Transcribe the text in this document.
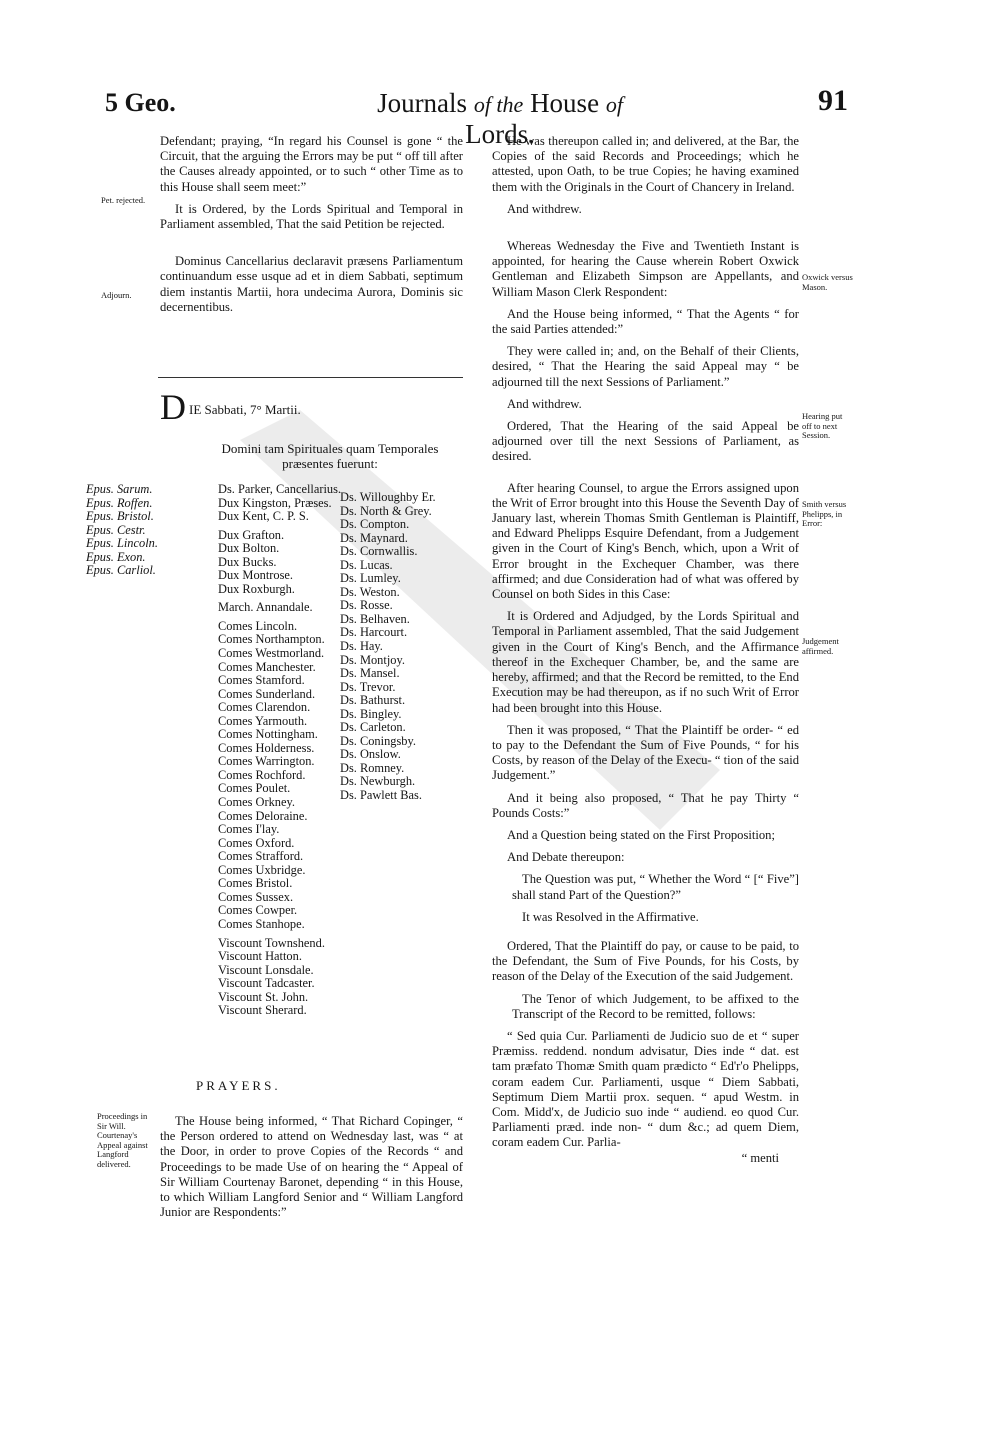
5 Geo.	Journals of the House of Lords.
91

Defendant; praying, “In regard his Counsel is gone “ the Circuit, that the arguing the Errors may be put “ off till after the Causes already appointed, or to such “ other Time as to this House shall seem meet:”

It is Ordered, by the Lords Spiritual and Temporal in Parliament assembled, That the said Petition be rejected.

Dominus Cancellarius declaravit præsens Parliamentum continuandum esse usque ad et in diem Sabbati, septimum diem instantis Martii, hora undecima Aurora, Dominis sic decernentibus.

Pet. rejected.
Adjourn.
D IE Sabbati, 7° Martii.
Domini tam Spirituales quam Temporales præsentes fuerunt:
Epus. Sarum.
Epus. Roffen.
Epus. Bristol.
Epus. Cestr.
Epus. Lincoln.
Epus. Exon.
Epus. Carliol.
Ds. Parker, Cancellarius.
Dux Kingston, Præses.
Dux Kent, C. P. S.
Dux Grafton.
Dux Bolton.
Dux Bucks.
Dux Montrose.
Dux Roxburgh.
March. Annandale.
Comes Lincoln.
Comes Northampton.
Comes Westmorland.
Comes Manchester.
Comes Stamford.
Comes Sunderland.
Comes Clarendon.
Comes Yarmouth.
Comes Nottingham.
Comes Holderness.
Comes Warrington.
Comes Rochford.
Comes Poulet.
Comes Orkney.
Comes Deloraine.
Comes I'lay.
Comes Oxford.
Comes Strafford.
Comes Uxbridge.
Comes Bristol.
Comes Sussex.
Comes Cowper.
Comes Stanhope.
Viscount Townshend.
Viscount Hatton.
Viscount Lonsdale.
Viscount Tadcaster.
Viscount St. John.
Viscount Sherard.
Ds. Willoughby Er.
Ds. North & Grey.
Ds. Compton.
Ds. Maynard.
Ds. Cornwallis.
Ds. Lucas.
Ds. Lumley.
Ds. Weston.
Ds. Rosse.
Ds. Belhaven.
Ds. Harcourt.
Ds. Hay.
Ds. Montjoy.
Ds. Mansel.
Ds. Trevor.
Ds. Bathurst.
Ds. Bingley.
Ds. Carleton.
Ds. Coningsby.
Ds. Onslow.
Ds. Romney.
Ds. Newburgh.
Ds. Pawlett Bas.
PRAYERS.

The House being informed, “ That Richard Copinger, “ the Person ordered to attend on Wednesday last, was “ at the Door, in order to prove Copies of the Records “ and Proceedings to be made Use of on hearing the “ Appeal of Sir William Courtenay Baronet, depending “ in this House, to which William Langford Senior and “ William Langford Junior are Respondents:”

Proceedings in Sir Will. Courtenay's Appeal against Langford delivered.

He was thereupon called in; and delivered, at the Bar, the Copies of the said Records and Proceedings; which he attested, upon Oath, to be true Copies; he having examined them with the Originals in the Court of Chancery in Ireland.

And withdrew.

Whereas Wednesday the Five and Twentieth Instant is appointed, for hearing the Cause wherein Robert Oxwick Gentleman and Elizabeth Simpson are Appellants, and William Mason Clerk Respondent:

And the House being informed, “ That the Agents “ for the said Parties attended:”

They were called in; and, on the Behalf of their Clients, desired, “ That the Hearing the said Appeal may “ be adjourned till the next Sessions of Parliament.”

And withdrew.

Ordered, That the Hearing of the said Appeal be adjourned over till the next Sessions of Parliament, as desired.

After hearing Counsel, to argue the Errors assigned upon the Writ of Error brought into this House the Seventh Day of January last, wherein Thomas Smith Gentleman is Plaintiff, and Edward Phelipps Esquire Defendant, from a Judgement given in the Court of King's Bench, which, upon a Writ of Error brought in the Exchequer Chamber, was there affirmed; and due Consideration had of what was offered by Counsel on both Sides in this Case:

It is Ordered and Adjudged, by the Lords Spiritual and Temporal in Parliament assembled, That the said Judgement given in the Court of King's Bench, and the Affirmance thereof in the Exchequer Chamber, be, and the same are hereby, affirmed; and that the Record be remitted, to the End Execution may be had thereupon, as if no such Writ of Error had been brought into this House.

Then it was proposed, “ That the Plaintiff be order- “ ed to pay to the Defendant the Sum of Five Pounds, “ for his Costs, by reason of the Delay of the Execu- “ tion of the said Judgement.”

And it being also proposed, “ That he pay Thirty “ Pounds Costs:”

And a Question being stated on the First Proposition;

And Debate thereupon:

The Question was put, “ Whether the Word “ [“ Five”] shall stand Part of the Question?”

It was Resolved in the Affirmative.

Ordered, That the Plaintiff do pay, or cause to be paid, to the Defendant, the Sum of Five Pounds, for his Costs, by reason of the Delay of the Execution of the said Judgement.

The Tenor of which Judgement, to be affixed to the Transcript of the Record to be remitted, follows:

“ Sed quia Cur. Parliamenti de Judicio suo de et “ super Præmiss. reddend. nondum advisatur, Dies inde “ dat. est tam præfato Thomæ Smith quam prædicto “ Ed'r'o Phelipps, coram eadem Cur. Parliamenti, usque “ Diem Sabbati, Septimum Diem Martii prox. sequen. “ apud Westm. in Com. Midd'x, de Judicio suo inde “ audiend. eo quod Cur. Parliamenti præd. inde non- “ dum &c.; ad quem Diem, coram eadem Cur. Parlia-

“ menti
Oxwick versus Mason.
Hearing put off to next Session.
Smith versus Phelipps, in Error:
Judgement affirmed.
